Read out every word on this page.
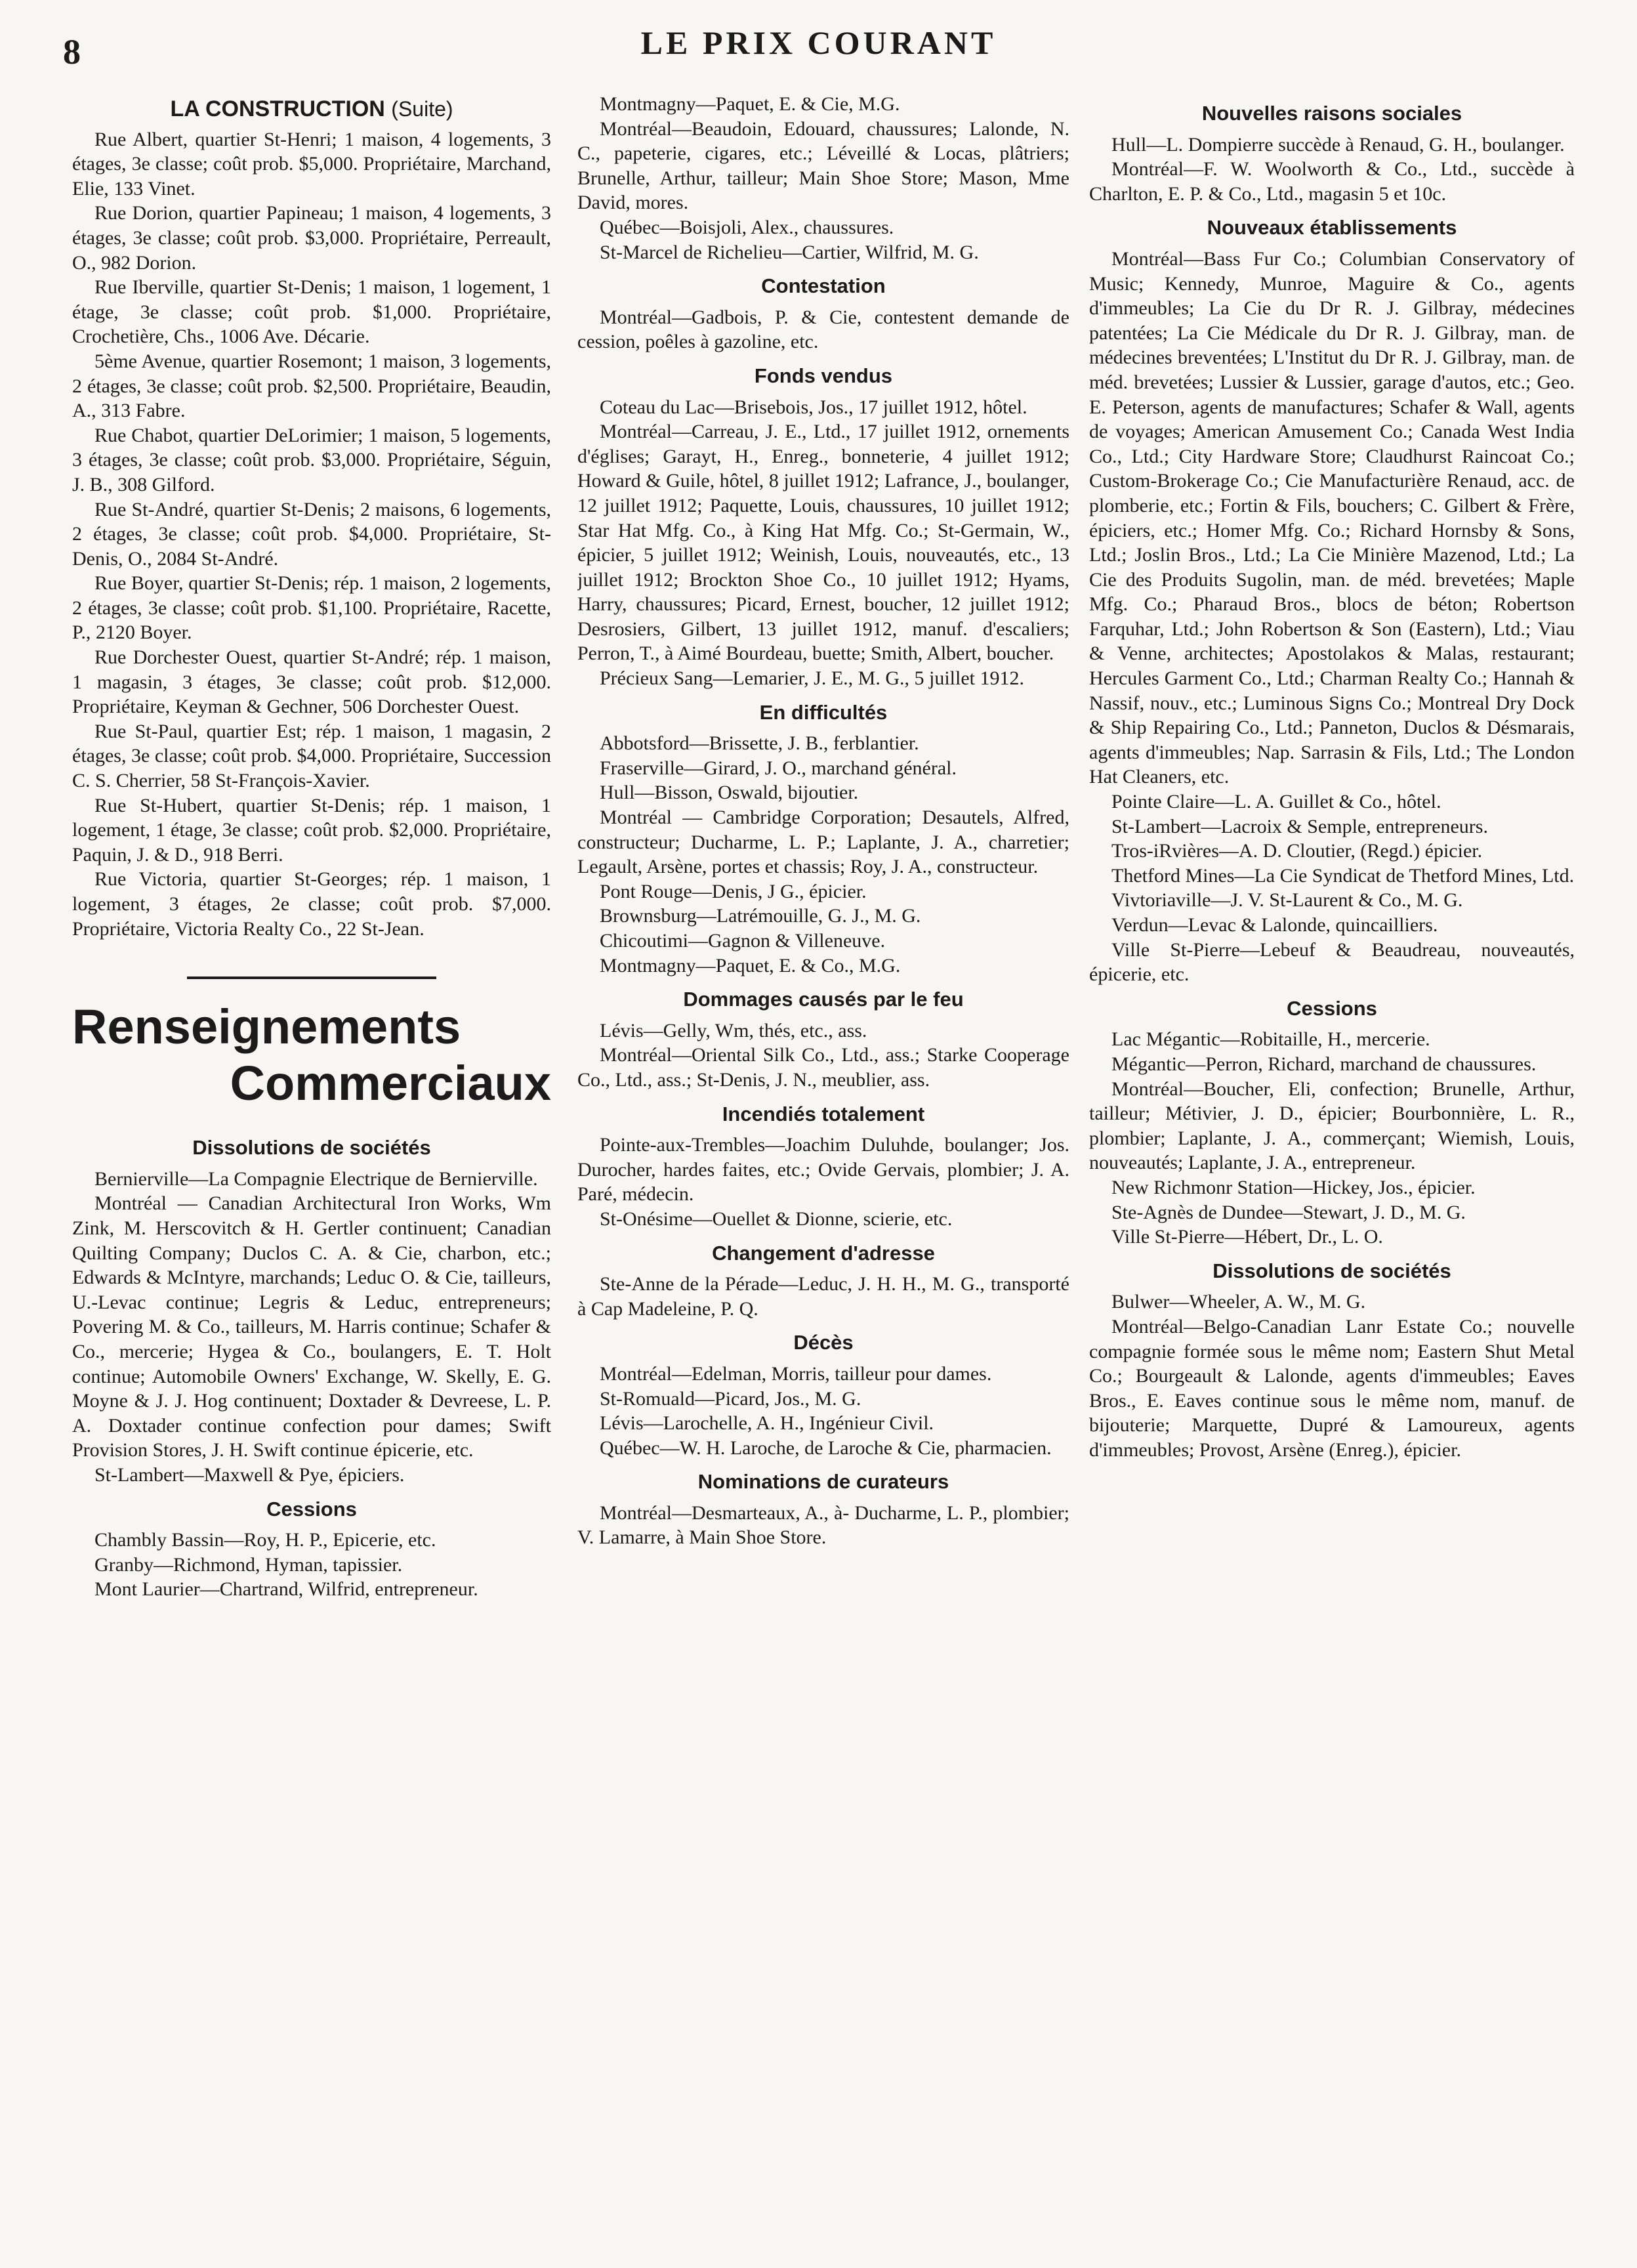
8	LE PRIX COURANT
LA CONSTRUCTION (Suite)

Rue Albert, quartier St-Henri; 1 maison, 4 logements, 3 étages, 3e classe; coût prob. $5,000. Propriétaire, Marchand, Elie, 133 Vinet.

Rue Dorion, quartier Papineau; 1 maison, 4 logements, 3 étages, 3e classe; coût prob. $3,000. Propriétaire, Perreault, O., 982 Dorion.

Rue Iberville, quartier St-Denis; 1 maison, 1 logement, 1 étage, 3e classe; coût prob. $1,000. Propriétaire, Crochetière, Chs., 1006 Ave. Décarie.

5ème Avenue, quartier Rosemont; 1 maison, 3 logements, 2 étages, 3e classe; coût prob. $2,500. Propriétaire, Beaudin, A., 313 Fabre.

Rue Chabot, quartier DeLorimier; 1 maison, 5 logements, 3 étages, 3e classe; coût prob. $3,000. Propriétaire, Séguin, J. B., 308 Gilford.

Rue St-André, quartier St-Denis; 2 maisons, 6 logements, 2 étages, 3e classe; coût prob. $4,000. Propriétaire, St-Denis, O., 2084 St-André.

Rue Boyer, quartier St-Denis; rép. 1 maison, 2 logements, 2 étages, 3e classe; coût prob. $1,100. Propriétaire, Racette, P., 2120 Boyer.

Rue Dorchester Ouest, quartier St-André; rép. 1 maison, 1 magasin, 3 étages, 3e classe; coût prob. $12,000. Propriétaire, Keyman & Gechner, 506 Dorchester Ouest.

Rue St-Paul, quartier Est; rép. 1 maison, 1 magasin, 2 étages, 3e classe; coût prob. $4,000. Propriétaire, Succession C. S. Cherrier, 58 St-François-Xavier.

Rue St-Hubert, quartier St-Denis; rép. 1 maison, 1 logement, 1 étage, 3e classe; coût prob. $2,000. Propriétaire, Paquin, J. & D., 918 Berri.

Rue Victoria, quartier St-Georges; rép. 1 maison, 1 logement, 3 étages, 2e classe; coût prob. $7,000. Propriétaire, Victoria Realty Co., 22 St-Jean.

Renseignements
Commerciaux
Dissolutions de sociétés

Bernierville—La Compagnie Electrique de Bernierville.

Montréal — Canadian Architectural Iron Works, Wm Zink, M. Herscovitch & H. Gertler continuent; Canadian Quilting Company; Duclos C. A. & Cie, charbon, etc.; Edwards & McIntyre, marchands; Leduc O. & Cie, tailleurs, U.-Levac continue; Legris & Leduc, entrepreneurs; Povering M. & Co., tailleurs, M. Harris continue; Schafer & Co., mercerie; Hygea & Co., boulangers, E. T. Holt continue; Automobile Owners' Exchange, W. Skelly, E. G. Moyne & J. J. Hog continuent; Doxtader & Devreese, L. P. A. Doxtader continue confection pour dames; Swift Provision Stores, J. H. Swift continue épicerie, etc.

St-Lambert—Maxwell & Pye, épiciers.

Cessions

Chambly Bassin—Roy, H. P., Epicerie, etc.

Granby—Richmond, Hyman, tapissier.

Mont Laurier—Chartrand, Wilfrid, entrepreneur.

Montmagny—Paquet, E. & Cie, M.G.

Montréal—Beaudoin, Edouard, chaussures; Lalonde, N. C., papeterie, cigares, etc.; Léveillé & Locas, plâtriers; Brunelle, Arthur, tailleur; Main Shoe Store; Mason, Mme David, mores.

Québec—Boisjoli, Alex., chaussures.

St-Marcel de Richelieu—Cartier, Wilfrid, M. G.

Contestation

Montréal—Gadbois, P. & Cie, contestent demande de cession, poêles à gazoline, etc.

Fonds vendus

Coteau du Lac—Brisebois, Jos., 17 juillet 1912, hôtel.

Montréal—Carreau, J. E., Ltd., 17 juillet 1912, ornements d'églises; Garayt, H., Enreg., bonneterie, 4 juillet 1912; Howard & Guile, hôtel, 8 juillet 1912; Lafrance, J., boulanger, 12 juillet 1912; Paquette, Louis, chaussures, 10 juillet 1912; Star Hat Mfg. Co., à King Hat Mfg. Co.; St-Germain, W., épicier, 5 juillet 1912; Weinish, Louis, nouveautés, etc., 13 juillet 1912; Brockton Shoe Co., 10 juillet 1912; Hyams, Harry, chaussures; Picard, Ernest, boucher, 12 juillet 1912; Desrosiers, Gilbert, 13 juillet 1912, manuf. d'escaliers; Perron, T., à Aimé Bourdeau, buette; Smith, Albert, boucher.

Précieux Sang—Lemarier, J. E., M. G., 5 juillet 1912.

En difficultés

Abbotsford—Brissette, J. B., ferblantier.

Fraserville—Girard, J. O., marchand général.

Hull—Bisson, Oswald, bijoutier.

Montréal — Cambridge Corporation; Desautels, Alfred, constructeur; Ducharme, L. P.; Laplante, J. A., charretier; Legault, Arsène, portes et chassis; Roy, J. A., constructeur.

Pont Rouge—Denis, J G., épicier.

Brownsburg—Latrémouille, G. J., M. G.

Chicoutimi—Gagnon & Villeneuve.

Montmagny—Paquet, E. & Co., M.G.

Dommages causés par le feu

Lévis—Gelly, Wm, thés, etc., ass.

Montréal—Oriental Silk Co., Ltd., ass.; Starke Cooperage Co., Ltd., ass.; St-Denis, J. N., meublier, ass.

Incendiés totalement

Pointe-aux-Trembles—Joachim Duluhde, boulanger; Jos. Durocher, hardes faites, etc.; Ovide Gervais, plombier; J. A. Paré, médecin.

St-Onésime—Ouellet & Dionne, scierie, etc.

Changement d'adresse

Ste-Anne de la Pérade—Leduc, J. H. H., M. G., transporté à Cap Madeleine, P. Q.

Décès

Montréal—Edelman, Morris, tailleur pour dames.

St-Romuald—Picard, Jos., M. G.

Lévis—Larochelle, A. H., Ingénieur Civil.

Québec—W. H. Laroche, de Laroche & Cie, pharmacien.

Nominations de curateurs

Montréal—Desmarteaux, A., à- Ducharme, L. P., plombier; V. Lamarre, à Main Shoe Store.

Nouvelles raisons sociales

Hull—L. Dompierre succède à Renaud, G. H., boulanger.

Montréal—F. W. Woolworth & Co., Ltd., succède à Charlton, E. P. & Co., Ltd., magasin 5 et 10c.

Nouveaux établissements

Montréal—Bass Fur Co.; Columbian Conservatory of Music; Kennedy, Munroe, Maguire & Co., agents d'immeubles; La Cie du Dr R. J. Gilbray, médecines patentées; La Cie Médicale du Dr R. J. Gilbray, man. de médecines breventées; L'Institut du Dr R. J. Gilbray, man. de méd. brevetées; Lussier & Lussier, garage d'autos, etc.; Geo. E. Peterson, agents de manufactures; Schafer & Wall, agents de voyages; American Amusement Co.; Canada West India Co., Ltd.; City Hardware Store; Claudhurst Raincoat Co.; Custom-Brokerage Co.; Cie Manufacturière Renaud, acc. de plomberie, etc.; Fortin & Fils, bouchers; C. Gilbert & Frère, épiciers, etc.; Homer Mfg. Co.; Richard Hornsby & Sons, Ltd.; Joslin Bros., Ltd.; La Cie Minière Mazenod, Ltd.; La Cie des Produits Sugolin, man. de méd. brevetées; Maple Mfg. Co.; Pharaud Bros., blocs de béton; Robertson Farquhar, Ltd.; John Robertson & Son (Eastern), Ltd.; Viau & Venne, architectes; Apostolakos & Malas, restaurant; Hercules Garment Co., Ltd.; Charman Realty Co.; Hannah & Nassif, nouv., etc.; Luminous Signs Co.; Montreal Dry Dock & Ship Repairing Co., Ltd.; Panneton, Duclos & Désmarais, agents d'immeubles; Nap. Sarrasin & Fils, Ltd.; The London Hat Cleaners, etc.

Pointe Claire—L. A. Guillet & Co., hôtel.

St-Lambert—Lacroix & Semple, entrepreneurs.

Tros-iRvières—A. D. Cloutier, (Regd.) épicier.

Thetford Mines—La Cie Syndicat de Thetford Mines, Ltd.

Vivtoriaville—J. V. St-Laurent & Co., M. G.

Verdun—Levac & Lalonde, quincailliers.

Ville St-Pierre—Lebeuf & Beaudreau, nouveautés, épicerie, etc.

Cessions

Lac Mégantic—Robitaille, H., mercerie.

Mégantic—Perron, Richard, marchand de chaussures.

Montréal—Boucher, Eli, confection; Brunelle, Arthur, tailleur; Métivier, J. D., épicier; Bourbonnière, L. R., plombier; Laplante, J. A., commerçant; Wiemish, Louis, nouveautés; Laplante, J. A., entrepreneur.

New Richmonr Station—Hickey, Jos., épicier.

Ste-Agnès de Dundee—Stewart, J. D., M. G.

Ville St-Pierre—Hébert, Dr., L. O.

Dissolutions de sociétés

Bulwer—Wheeler, A. W., M. G.

Montréal—Belgo-Canadian Lanr Estate Co.; nouvelle compagnie formée sous le même nom; Eastern Shut Metal Co.; Bourgeault & Lalonde, agents d'immeubles; Eaves Bros., E. Eaves continue sous le même nom, manuf. de bijouterie; Marquette, Dupré & Lamoureux, agents d'immeubles; Provost, Arsène (Enreg.), épicier.
